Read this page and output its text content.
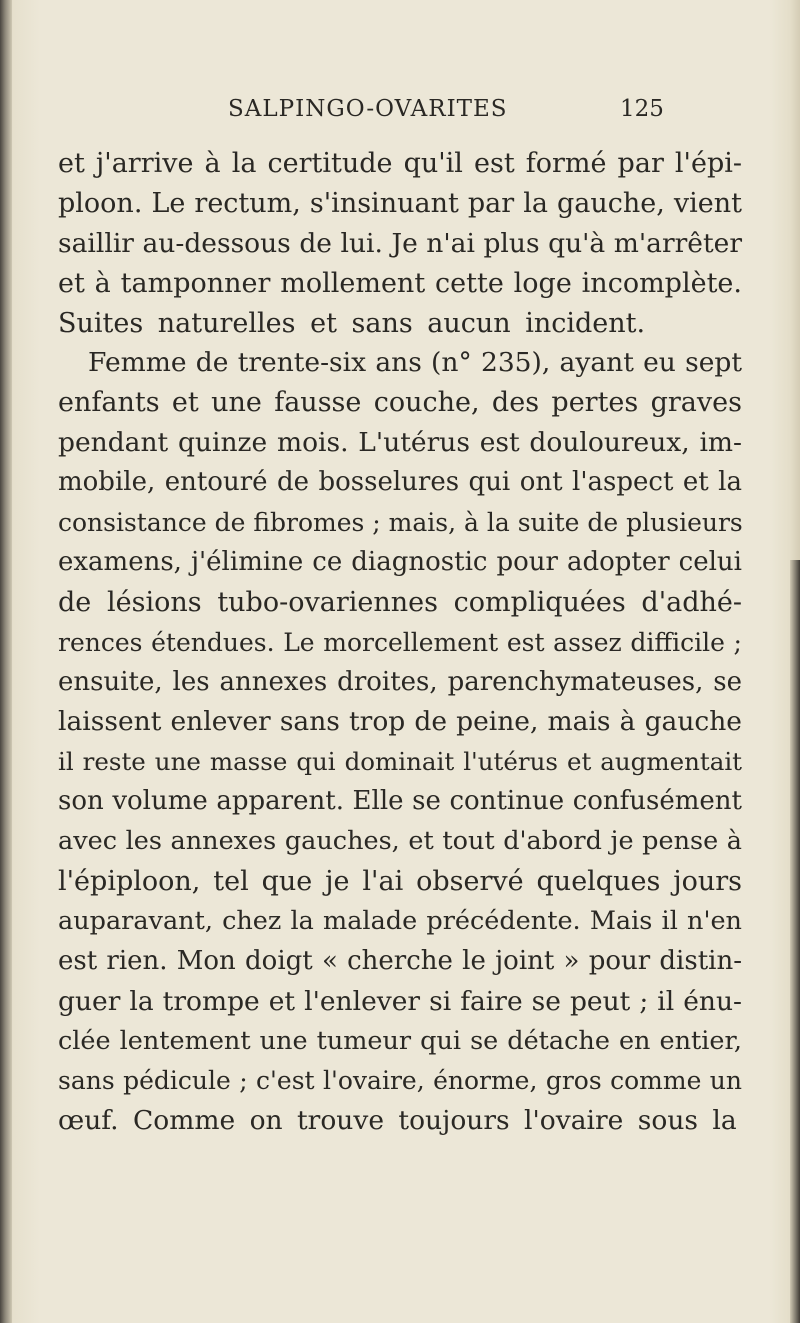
SALPINGO-OVARITES	125
et j'arrive à la certitude qu'il est formé par l'épi-
ploon. Le rectum, s'insinuant par la gauche, vient
saillir au-dessous de lui. Je n'ai plus qu'à m'arrêter
et à tamponner mollement cette loge incomplète.
Suites naturelles et sans aucun incident.
Femme de trente-six ans (n° 235), ayant eu sept
enfants et une fausse couche, des pertes graves
pendant quinze mois. L'utérus est douloureux, im-
mobile, entouré de bosselures qui ont l'aspect et la
consistance de fibromes ; mais, à la suite de plusieurs
examens, j'élimine ce diagnostic pour adopter celui
de lésions tubo-ovariennes compliquées d'adhé-
rences étendues. Le morcellement est assez difficile ;
ensuite, les annexes droites, parenchymateuses, se
laissent enlever sans trop de peine, mais à gauche
il reste une masse qui dominait l'utérus et augmentait
son volume apparent. Elle se continue confusément
avec les annexes gauches, et tout d'abord je pense à
l'épiploon, tel que je l'ai observé quelques jours
auparavant, chez la malade précédente. Mais il n'en
est rien. Mon doigt « cherche le joint » pour distin-
guer la trompe et l'enlever si faire se peut ; il énu-
clée lentement une tumeur qui se détache en entier,
sans pédicule ; c'est l'ovaire, énorme, gros comme un
œuf. Comme on trouve toujours l'ovaire sous la
